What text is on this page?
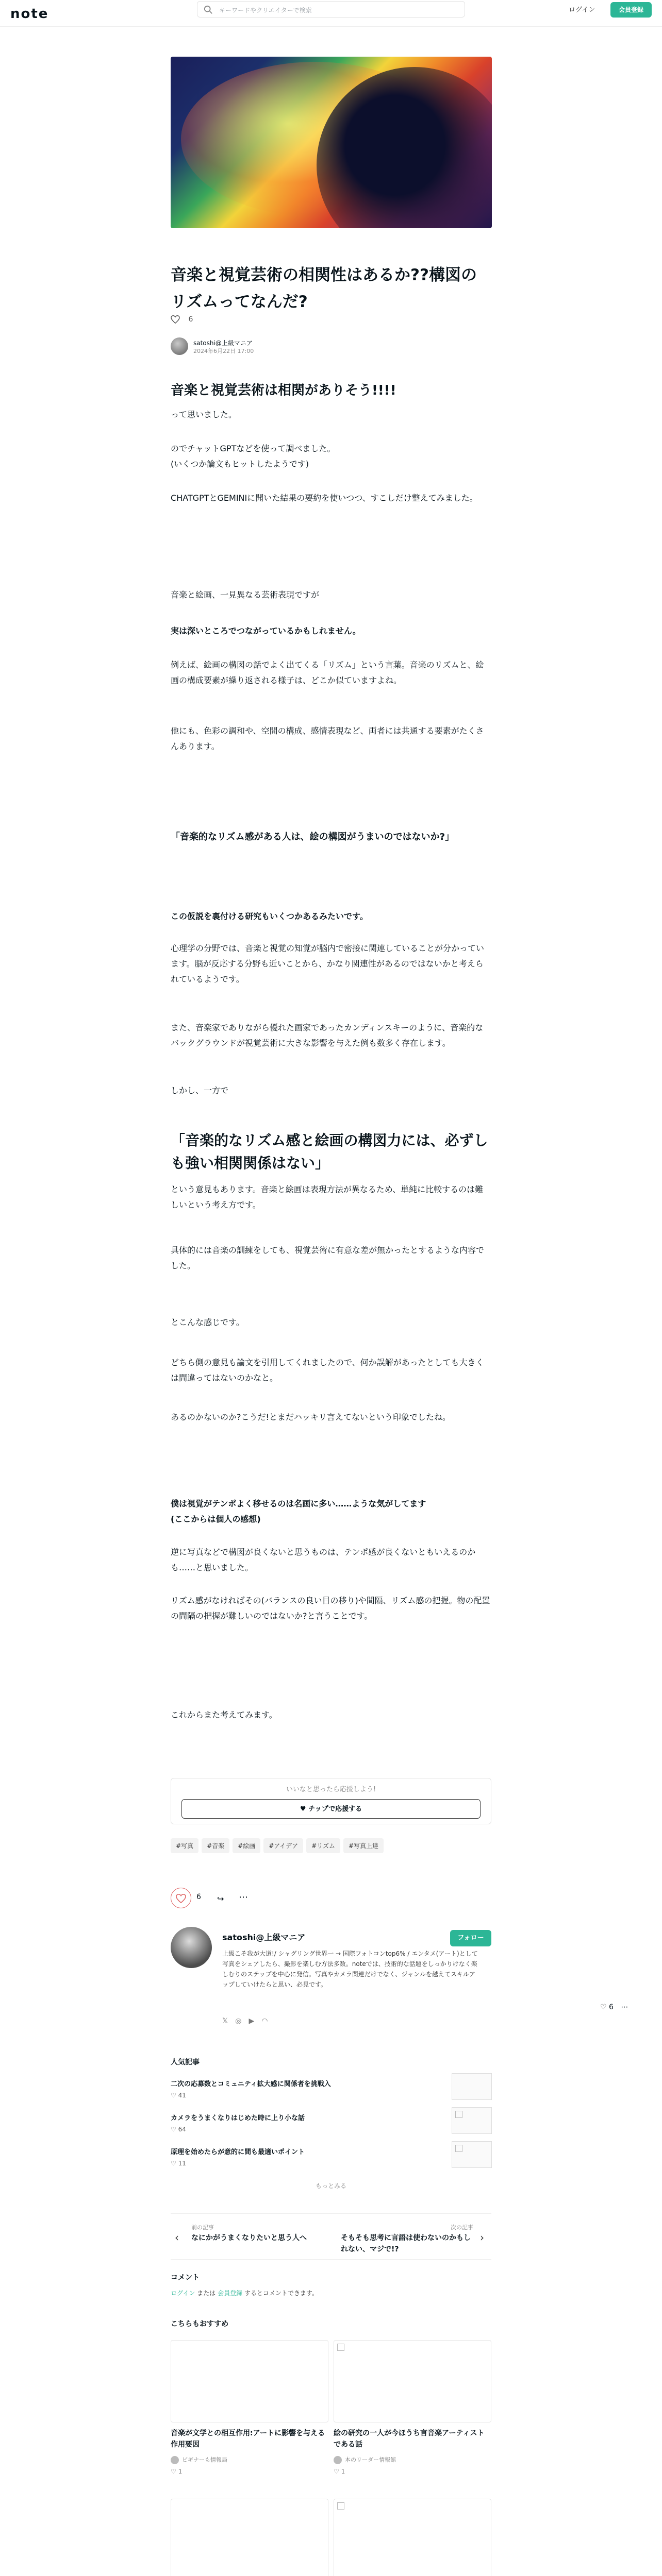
note	キーワードやクリエイターで検索	ログイン	会員登録
音楽と視覚芸術の相関性はあるか??構図のリズムってなんだ?
6
satoshi@上級マニア
2024年6月22日 17:00
音楽と視覚芸術は相関がありそう!!!!
って思いました。
のでチャットGPTなどを使って調べました。
(いくつか論文もヒットしたようです)
CHATGPTとGEMINIに聞いた結果の要約を使いつつ、すこしだけ整えてみました。
音楽と絵画、一見異なる芸術表現ですが
実は深いところでつながっているかもしれません。
例えば、絵画の構図の話でよく出てくる「リズム」という言葉。音楽のリズムと、絵画の構成要素が繰り返される様子は、どこか似ていますよね。
他にも、色彩の調和や、空間の構成、感情表現など、両者には共通する要素がたくさんあります。
「音楽的なリズム感がある人は、絵の構図がうまいのではないか?」
この仮説を裏付ける研究もいくつかあるみたいです。
心理学の分野では、音楽と視覚の知覚が脳内で密接に関連していることが分かっています。脳が反応する分野も近いことから、かなり関連性があるのではないかと考えられているようです。
また、音楽家でありながら優れた画家であったカンディンスキーのように、音楽的なバックグラウンドが視覚芸術に大きな影響を与えた例も数多く存在します。
しかし、一方で
「音楽的なリズム感と絵画の構図力には、必ずしも強い相関関係はない」
という意見もあります。音楽と絵画は表現方法が異なるため、単純に比較するのは難しいという考え方です。
具体的には音楽の訓練をしても、視覚芸術に有意な差が無かったとするような内容でした。
とこんな感じです。
どちら側の意見も論文を引用してくれましたので、何か誤解があったとしても大きくは間違ってはないのかなと。
あるのかないのか?こうだ!とまだハッキリ言えてないという印象でしたね。
僕は視覚がテンポよく移せるのは名画に多い……ような気がしてます
(ここからは個人の感想)
逆に写真などで構図が良くないと思うものは、テンポ感が良くないともいえるのかも……と思いました。
リズム感がなければその(バランスの良い目の移り)や間隔、リズム感の把握。物の配置の間隔の把握が難しいのではないか?と言うことです。
これからまた考えてみます。
いいなと思ったら応援しよう!
♥ チップで応援する
#写真 #音楽 #絵画 #アイデア #リズム #写真上達
6 ↪ ⋯
satoshi@上級マニア	フォロー
上級こそ我が大道!/ シャグリング世界一 → 国際フォトコンtop6% / エンタメ(アート)として写真をシェアしたら、撮影を楽しむ方法多数。noteでは、技術的な話題をしっかりけなく楽しむりのステップを中心に発信。写真やカメラ関連だけでなく、ジャンルを越えてスキルアップしていけたらと思い、必見です。
𝕏◎▶◠
♡ 6 ⋯
人気記事
二次の応募数とコミュニティ拡大感に関係者を挑戦入
♡ 41
カメラをうまくなりはじめた時に上り小な話
♡ 64
原理を始めたらが意的に間も最適いポイント
♡ 11
もっとみる
‹
前の記事
なにかがうまくなりたいと思う人へ
次の記事
そもそも思考に言語は使わないのかもしれない、マジで!?
›
コメント
ログイン または 会員登録 するとコメントできます。
こちらもおすすめ
音楽が文学との相互作用:アートに影響を与える作用要因
ビギナーも情報局
♡ 1
絵の研究の一人が今ほうち言音楽アーティストである話
本のリーダー情報館
♡ 1
